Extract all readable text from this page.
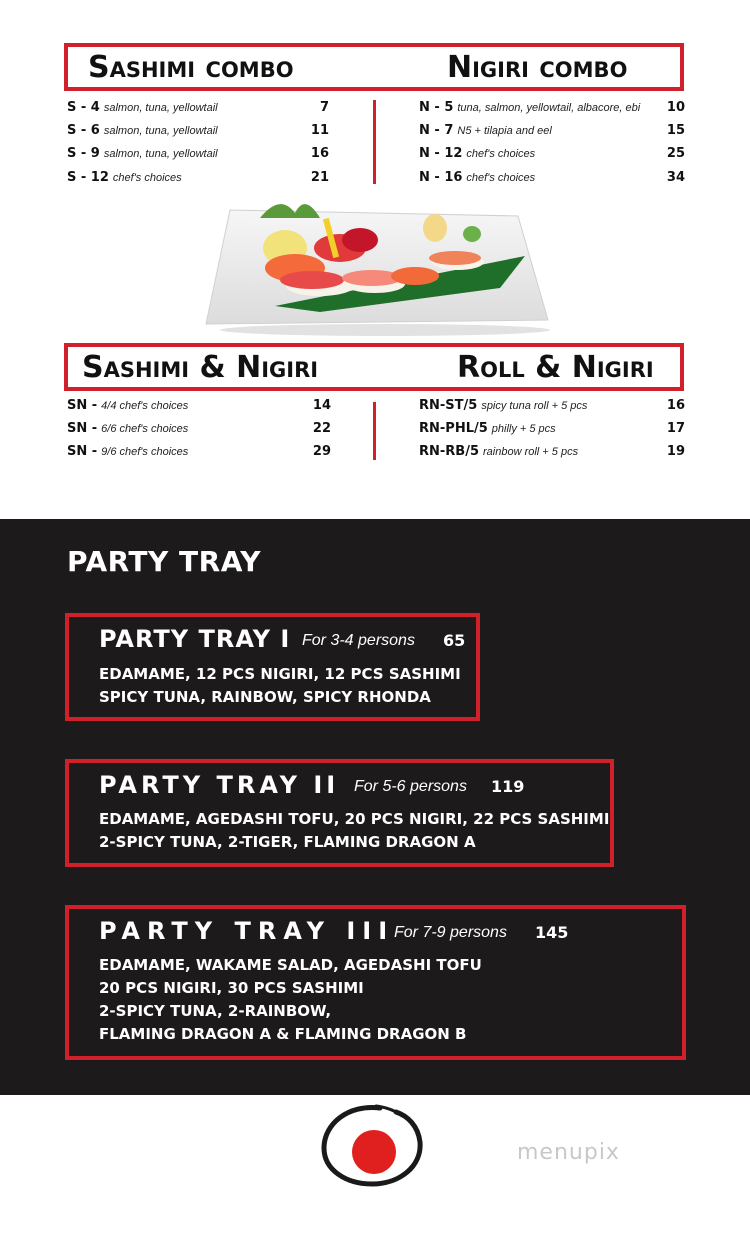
Sashimi combo	Nigiri combo
S - 4 salmon, tuna, yellowtail	7
S - 6 salmon, tuna, yellowtail	11
S - 9 salmon, tuna, yellowtail	16
S - 12 chef's choices	21
N - 5 tuna, salmon, yellowtail, albacore, ebi 10
N - 7 N5 + tilapia and eel	15
N - 12 chef's choices	25
N - 16 chef's choices	34
Sashimi & Nigiri	Roll & Nigiri
SN - 4/4 chef's choices	14
SN - 6/6 chef's choices	22
SN - 9/6 chef's choices	29
RN-ST/5 spicy tuna roll + 5 pcs	16
RN-PHL/5 philly + 5 pcs	17
RN-RB/5 rainbow roll + 5 pcs	19
PARTY TRAY
PARTY TRAY I For 3-4 persons 65
EDAMAME, 12 PCS NIGIRI, 12 PCS SASHIMI
SPICY TUNA, RAINBOW, SPICY RHONDA
PARTY TRAY II For 5-6 persons 119
EDAMAME, AGEDASHI TOFU, 20 PCS NIGIRI, 22 PCS SASHIMI
2-SPICY TUNA, 2-TIGER, FLAMING DRAGON A
PARTY TRAY III For 7-9 persons 145
EDAMAME, WAKAME SALAD, AGEDASHI TOFU
20 PCS NIGIRI, 30 PCS SASHIMI
2-SPICY TUNA, 2-RAINBOW,
FLAMING DRAGON A & FLAMING DRAGON B
menupix
